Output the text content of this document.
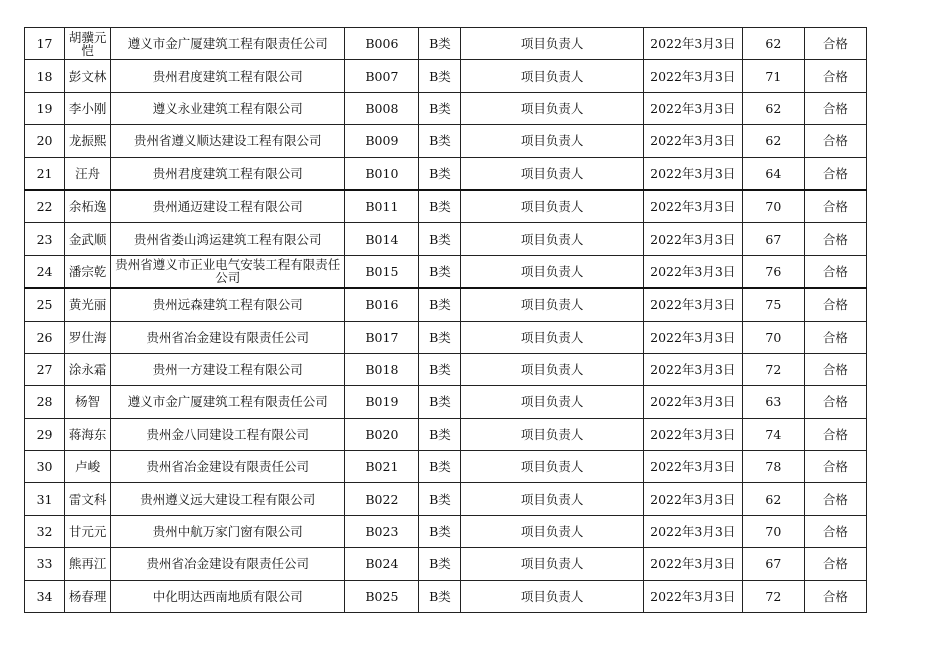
17	胡骥元恺	遵义市金广厦建筑工程有限责任公司	B006	B类	项目负责人	2022年3月3日	62	合格
18	彭文林	贵州君度建筑工程有限公司	B007	B类	项目负责人	2022年3月3日	71	合格
19	李小刚	遵义永业建筑工程有限公司	B008	B类	项目负责人	2022年3月3日	62	合格
20	龙振熙	贵州省遵义顺达建设工程有限公司	B009	B类	项目负责人	2022年3月3日	62	合格
21	汪舟	贵州君度建筑工程有限公司	B010	B类	项目负责人	2022年3月3日	64	合格
22	余柘逸	贵州通迈建设工程有限公司	B011	B类	项目负责人	2022年3月3日	70	合格
23	金武顺	贵州省娄山鸿运建筑工程有限公司	B014	B类	项目负责人	2022年3月3日	67	合格
24	潘宗乾	贵州省遵义市正业电气安装工程有限责任公司	B015	B类	项目负责人	2022年3月3日	76	合格
25	黄光丽	贵州远森建筑工程有限公司	B016	B类	项目负责人	2022年3月3日	75	合格
26	罗仕海	贵州省冶金建设有限责任公司	B017	B类	项目负责人	2022年3月3日	70	合格
27	涂永霜	贵州一方建设工程有限公司	B018	B类	项目负责人	2022年3月3日	72	合格
28	杨智	遵义市金广厦建筑工程有限责任公司	B019	B类	项目负责人	2022年3月3日	63	合格
29	蒋海东	贵州金八同建设工程有限公司	B020	B类	项目负责人	2022年3月3日	74	合格
30	卢峻	贵州省冶金建设有限责任公司	B021	B类	项目负责人	2022年3月3日	78	合格
31	雷文科	贵州遵义远大建设工程有限公司	B022	B类	项目负责人	2022年3月3日	62	合格
32	甘元元	贵州中航万家门窗有限公司	B023	B类	项目负责人	2022年3月3日	70	合格
33	熊再江	贵州省冶金建设有限责任公司	B024	B类	项目负责人	2022年3月3日	67	合格
34	杨春理	中化明达西南地质有限公司	B025	B类	项目负责人	2022年3月3日	72	合格
